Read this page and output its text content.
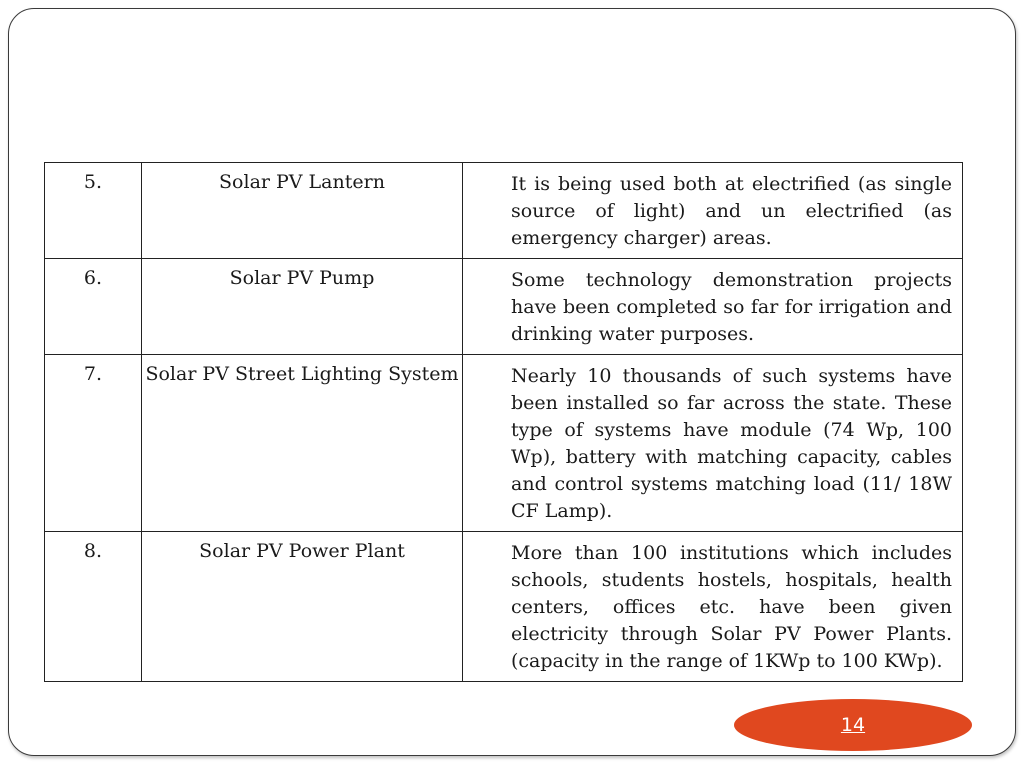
5.	Solar PV Lantern	It is being used both at electrified (as single source of light) and un electrified (as emergency charger) areas.

6.	Solar PV Pump	Some technology demonstration projects have been completed so far for irrigation and drinking water purposes.

7.	Solar PV Street Lighting System	Nearly 10 thousands of such systems have been installed so far across the state. These type of systems have module (74 Wp, 100 Wp), battery with matching capacity, cables and control systems matching load (11/ 18W CF Lamp).

8.	Solar PV Power Plant	More than 100 institutions which includes schools, students hostels, hospitals, health centers, offices etc. have been given electricity through Solar PV Power Plants. (capacity in the range of 1KWp to 100 KWp).
14
